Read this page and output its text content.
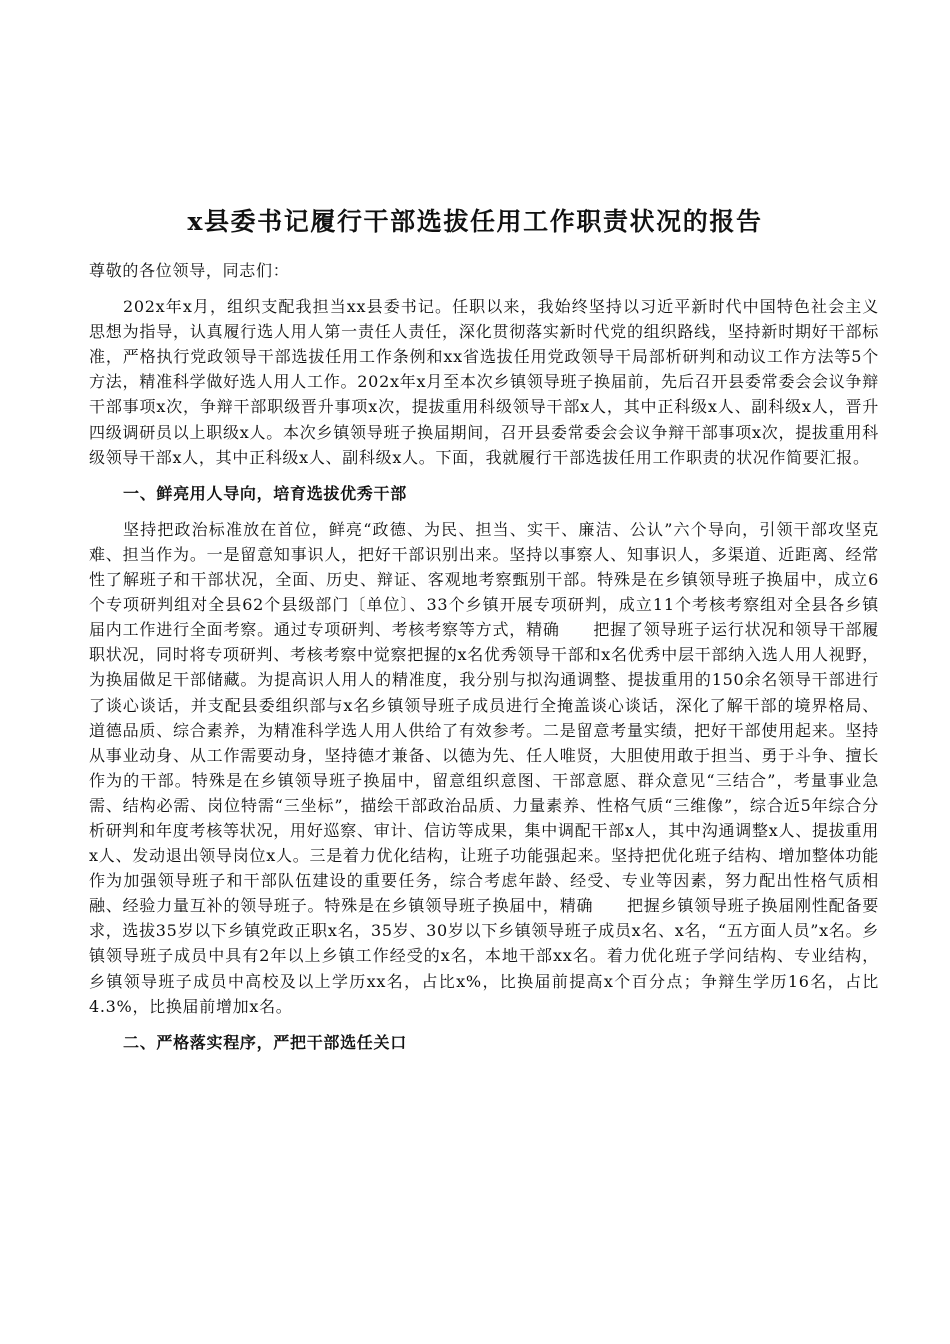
x县委书记履行干部选拔任用工作职责状况的报告

尊敬的各位领导，同志们：

202x年x月，组织支配我担当xx县委书记。任职以来，我始终坚持以习近平新时代中国特色社会主义思想为指导，认真履行选人用人第一责任人责任，深化贯彻落实新时代党的组织路线，坚持新时期好干部标准，严格执行党政领导干部选拔任用工作条例和xx省选拔任用党政领导干局部析研判和动议工作方法等5个方法，精准科学做好选人用人工作。202x年x月至本次乡镇领导班子换届前，先后召开县委常委会会议争辩干部事项x次，争辩干部职级晋升事项x次，提拔重用科级领导干部x人，其中正科级x人、副科级x人，晋升四级调研员以上职级x人。本次乡镇领导班子换届期间，召开县委常委会会议争辩干部事项x次，提拔重用科级领导干部x人，其中正科级x人、副科级x人。下面，我就履行干部选拔任用工作职责的状况作简要汇报。

一、鲜亮用人导向，培育选拔优秀干部

坚持把政治标准放在首位，鲜亮“政德、为民、担当、实干、廉洁、公认”六个导向，引领干部攻坚克难、担当作为。一是留意知事识人，把好干部识别出来。坚持以事察人、知事识人，多渠道、近距离、经常性了解班子和干部状况，全面、历史、辩证、客观地考察甄别干部。特殊是在乡镇领导班子换届中，成立6个专项研判组对全县62个县级部门〔单位〕、33个乡镇开展专项研判，成立11个考核考察组对全县各乡镇届内工作进行全面考察。通过专项研判、考核考察等方式，精确　　把握了领导班子运行状况和领导干部履职状况，同时将专项研判、考核考察中觉察把握的x名优秀领导干部和x名优秀中层干部纳入选人用人视野，为换届做足干部储藏。为提高识人用人的精准度，我分别与拟沟通调整、提拔重用的150余名领导干部进行了谈心谈话，并支配县委组织部与x名乡镇领导班子成员进行全掩盖谈心谈话，深化了解干部的境界格局、道德品质、综合素养，为精准科学选人用人供给了有效参考。二是留意考量实绩，把好干部使用起来。坚持从事业动身、从工作需要动身，坚持德才兼备、以德为先、任人唯贤，大胆使用敢于担当、勇于斗争、擅长作为的干部。特殊是在乡镇领导班子换届中，留意组织意图、干部意愿、群众意见“三结合”，考量事业急需、结构必需、岗位特需“三坐标”，描绘干部政治品质、力量素养、性格气质“三维像”，综合近5年综合分析研判和年度考核等状况，用好巡察、审计、信访等成果，集中调配干部x人，其中沟通调整x人、提拔重用x人、发动退出领导岗位x人。三是着力优化结构，让班子功能强起来。坚持把优化班子结构、增加整体功能作为加强领导班子和干部队伍建设的重要任务，综合考虑年龄、经受、专业等因素，努力配出性格气质相融、经验力量互补的领导班子。特殊是在乡镇领导班子换届中，精确　　把握乡镇领导班子换届刚性配备要求，选拔35岁以下乡镇党政正职x名，35岁、30岁以下乡镇领导班子成员x名、x名，“五方面人员”x名。乡镇领导班子成员中具有2年以上乡镇工作经受的x名，本地干部xx名。着力优化班子学问结构、专业结构，乡镇领导班子成员中高校及以上学历xx名，占比x%，比换届前提高x个百分点；争辩生学历16名，占比4.3%，比换届前增加x名。

二、严格落实程序，严把干部选任关口
